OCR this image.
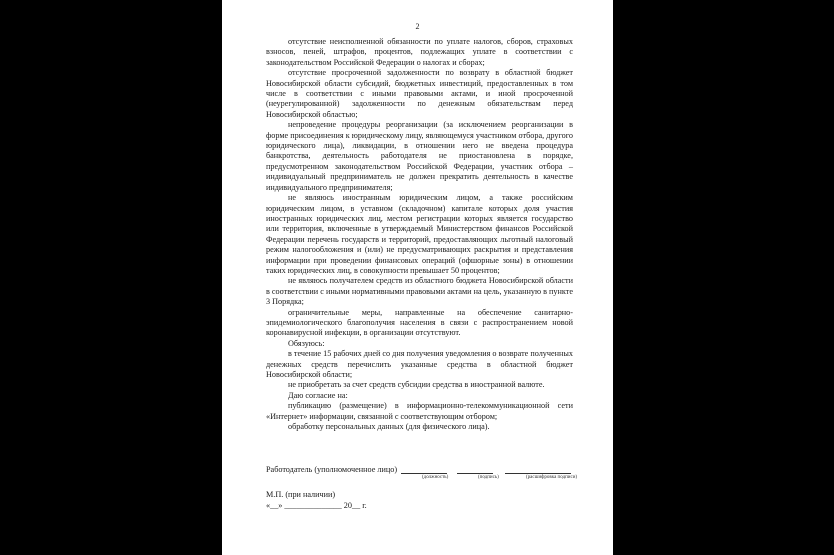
2

отсутствие неисполненной обязанности по уплате налогов, сборов, страховых взносов, пеней, штрафов, процентов, подлежащих уплате в соответствии с законодательством Российской Федерации о налогах и сборах;

отсутствие просроченной задолженности по возврату в областной бюджет Новосибирской области субсидий, бюджетных инвестиций, предоставленных в том числе в соответствии с иными правовыми актами, и иной просроченной (неурегулированной) задолженности по денежным обязательствам перед Новосибирской областью;

непроведение процедуры реорганизации (за исключением реорганизации в форме присоединения к юридическому лицу, являющемуся участником отбора, другого юридического лица), ликвидации, в отношении него не введена процедура банкротства, деятельность работодателя не приостановлена в порядке, предусмотренном законодательством Российской Федерации, участник отбора – индивидуальный предприниматель не должен прекратить деятельность в качестве индивидуального предпринимателя;

не являюсь иностранным юридическим лицом, а также российским юридическим лицом, в уставном (складочном) капитале которых доля участия иностранных юридических лиц, местом регистрации которых является государство или территория, включенные в утверждаемый Министерством финансов Российской Федерации перечень государств и территорий, предоставляющих льготный налоговый режим налогообложения и (или) не предусматривающих раскрытия и представления информации при проведении финансовых операций (офшорные зоны) в отношении таких юридических лиц, в совокупности превышает 50 процентов;

не являюсь получателем средств из областного бюджета Новосибирской области в соответствии с иными нормативными правовыми актами на цель, указанную в пункте 3 Порядка;

ограничительные меры, направленные на обеспечение санитарно-эпидемиологического благополучия населения в связи с распространением новой коронавирусной инфекции, в организации отсутствуют.

Обязуюсь:

в течение 15 рабочих дней со дня получения уведомления о возврате полученных денежных средств перечислить указанные средства в областной бюджет Новосибирской области;

не приобретать за счет средств субсидии средства в иностранной валюте.

Даю согласие на:

публикацию (размещение) в информационно-телекоммуникационной сети «Интернет» информации, связанной с соответствующим отбором;

обработку персональных данных (для физического лица).

Работодатель (уполномоченное лицо)
(должность)	(подпись)	(расшифровка подписи)
М.П. (при наличии)
«__» ______________ 20__ г.
